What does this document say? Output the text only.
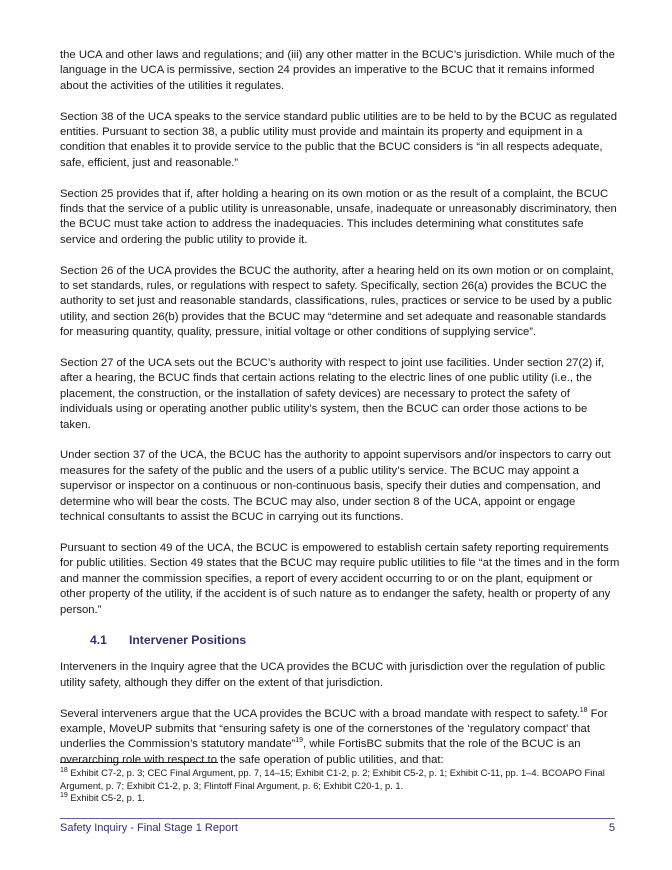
the UCA and other laws and regulations; and (iii) any other matter in the BCUC’s jurisdiction. While much of the language in the UCA is permissive, section 24 provides an imperative to the BCUC that it remains informed about the activities of the utilities it regulates.

Section 38 of the UCA speaks to the service standard public utilities are to be held to by the BCUC as regulated entities. Pursuant to section 38, a public utility must provide and maintain its property and equipment in a condition that enables it to provide service to the public that the BCUC considers is “in all respects adequate, safe, efficient, just and reasonable.”

Section 25 provides that if, after holding a hearing on its own motion or as the result of a complaint, the BCUC finds that the service of a public utility is unreasonable, unsafe, inadequate or unreasonably discriminatory, then the BCUC must take action to address the inadequacies. This includes determining what constitutes safe service and ordering the public utility to provide it.

Section 26 of the UCA provides the BCUC the authority, after a hearing held on its own motion or on complaint, to set standards, rules, or regulations with respect to safety. Specifically, section 26(a) provides the BCUC the authority to set just and reasonable standards, classifications, rules, practices or service to be used by a public utility, and section 26(b) provides that the BCUC may “determine and set adequate and reasonable standards for measuring quantity, quality, pressure, initial voltage or other conditions of supplying service”.

Section 27 of the UCA sets out the BCUC’s authority with respect to joint use facilities. Under section 27(2) if, after a hearing, the BCUC finds that certain actions relating to the electric lines of one public utility (i.e., the placement, the construction, or the installation of safety devices) are necessary to protect the safety of individuals using or operating another public utility’s system, then the BCUC can order those actions to be taken.

Under section 37 of the UCA, the BCUC has the authority to appoint supervisors and/or inspectors to carry out measures for the safety of the public and the users of a public utility’s service. The BCUC may appoint a supervisor or inspector on a continuous or non-continuous basis, specify their duties and compensation, and determine who will bear the costs. The BCUC may also, under section 8 of the UCA, appoint or engage technical consultants to assist the BCUC in carrying out its functions.

Pursuant to section 49 of the UCA, the BCUC is empowered to establish certain safety reporting requirements for public utilities. Section 49 states that the BCUC may require public utilities to file “at the times and in the form and manner the commission specifies, a report of every accident occurring to or on the plant, equipment or other property of the utility, if the accident is of such nature as to endanger the safety, health or property of any person.”

4.1 Intervener Positions

Interveners in the Inquiry agree that the UCA provides the BCUC with jurisdiction over the regulation of public utility safety, although they differ on the extent of that jurisdiction.

Several interveners argue that the UCA provides the BCUC with a broad mandate with respect to safety.$^{18}$ For example, MoveUP submits that “ensuring safety is one of the cornerstones of the ‘regulatory compact’ that underlies the Commission’s statutory mandate”$^{19}$, while FortisBC submits that the role of the BCUC is an overarching role with respect to the safe operation of public utilities, and that:

$^{18}$ Exhibit C7-2, p. 3; CEC Final Argument, pp. 7, 14–15; Exhibit C1-2, p. 2; Exhibit C5-2, p. 1; Exhibit C-11, pp. 1–4. BCOAPO Final Argument, p. 7; Exhibit C1-2, p. 3; Flintoff Final Argument, p. 6; Exhibit C20-1, p. 1.

$^{19}$ Exhibit C5-2, p. 1.

Safety Inquiry - Final Stage 1 Report	5
